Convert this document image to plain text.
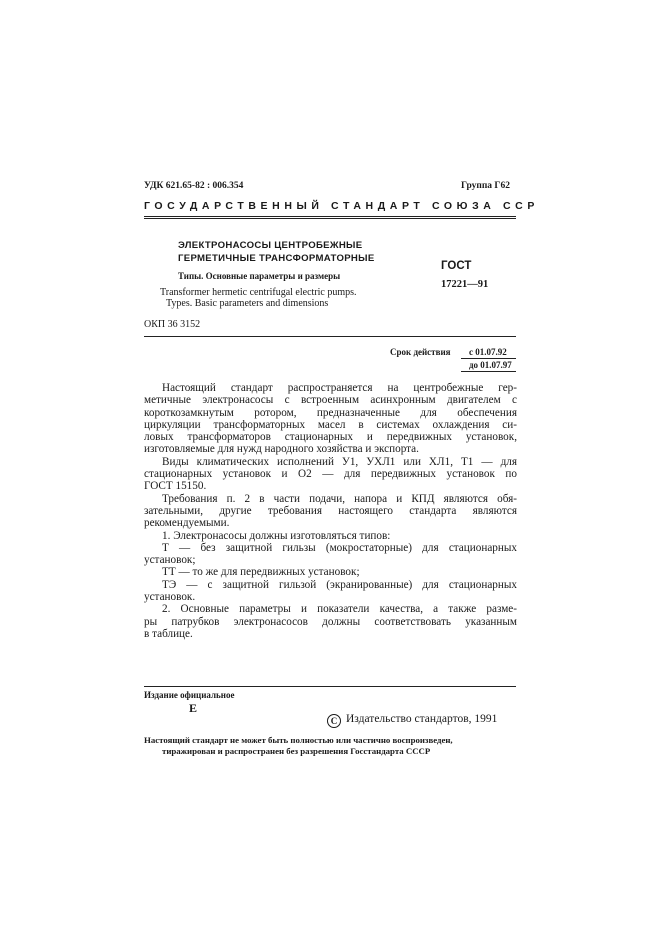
УДК 621.65-82 : 006.354	Группа Г62
ГОСУДАРСТВЕННЫЙ СТАНДАРТ СОЮЗА ССР
ЭЛЕКТРОНАСОСЫ ЦЕНТРОБЕЖНЫЕ
ГЕРМЕТИЧНЫЕ ТРАНСФОРМАТОРНЫЕ
Типы. Основные параметры и размеры
Transformer hermetic centrifugal electric pumps.
Types. Basic parameters and dimensions
ГОСТ
17221—91
ОКП 36 3152
Срок действия с 01.07.92
до 01.07.97
Настоящий стандарт распространяется на центробежные гер-
метичные электронасосы с встроенным асинхронным двигателем с
короткозамкнутым ротором, предназначенные для обеспечения
циркуляции трансформаторных масел в системах охлаждения си-
ловых трансформаторов стационарных и передвижных установок,
изготовляемые для нужд народного хозяйства и экспорта.
Виды климатических исполнений У1, УХЛ1 или ХЛ1, Т1 — для
стационарных установок и О2 — для передвижных установок по
ГОСТ 15150.
Требования п. 2 в части подачи, напора и КПД являются обя-
зательными, другие требования настоящего стандарта являются
рекомендуемыми.
1. Электронасосы должны изготовляться типов:
Т — без защитной гильзы (мокростаторные) для стационарных
установок;
ТТ — то же для передвижных установок;
ТЭ — с защитной гильзой (экранированные) для стационарных
установок.
2. Основные параметры и показатели качества, а также разме-
ры патрубков электронасосов должны соответствовать указанным
в таблице.
Издание официальное
Е
C Издательство стандартов, 1991
Настоящий стандарт не может быть полностью или частично воспроизведен,
тиражирован и распространен без разрешения Госстандарта СССР
